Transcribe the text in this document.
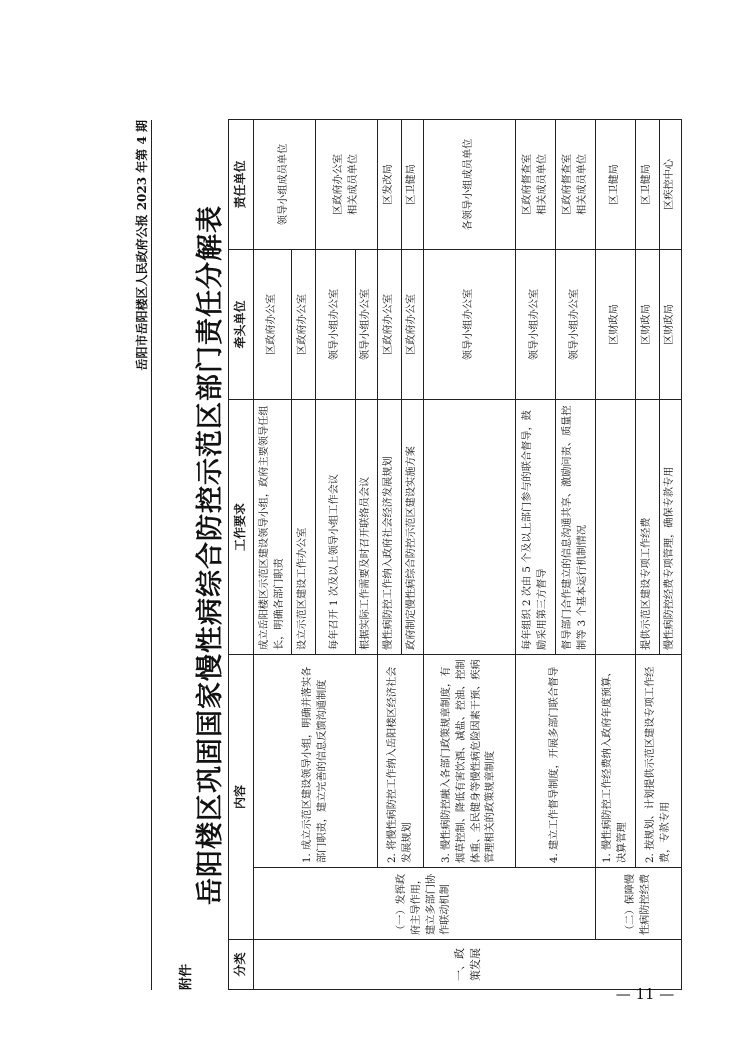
岳阳市岳阳楼区人民政府公报 2023 年第 4 期
附件
岳阳楼区巩固国家慢性病综合防控示范区部门责任分解表
分类	内容		工作要求	牵头单位	责任单位
一、政策发展	（一）发挥政府主导作用，建立多部门协作联动机制	1. 成立示范区建设领导小组，明确并落实各部门职责，建立完善的信息反馈沟通制度	成立岳阳楼区示范区建设领导小组，政府主要领导任组长，明确各部门职责	区政府办公室	领导小组成员单位
			设立示范区建设工作办公室	区政府办公室	
			每年召开 1 次及以上领导小组工作会议	领导小组办公室	区政府办公室
相关成员单位
			根据实际工作需要及时召开联络员会议	领导小组办公室	
		2. 将慢性病防控工作纳入岳阳楼区经济社会发展规划	慢性病防控工作纳入政府社会经济发展规划	区政府办公室	区发改局
			政府制定慢性病综合防控示范区建设实施方案	区政府办公室	区卫健局
		3. 慢性病防控融入各部门政策规章制度，有烟草控制、降低有害饮酒、减盐、控油、控制体重、全民健身等慢性病危险因素干预、疾病管理相关的政策规章制度		领导小组办公室	各领导小组成员单位
		4. 建立工作督导制度，开展多部门联合督导	每年组织 2 次由 5 个及以上部门参与的联合督导，鼓励采用第三方督导	领导小组办公室	区政府督查室
相关成员单位
			督导部门合作建立的信息沟通共享、激励问责、质量控制等 3 个基本运行机制情况	领导小组办公室	区政府督查室
相关成员单位
	（二）保障慢性病防控经费	1. 慢性病防控工作经费纳入政府年度预算、决算管理		区财政局	区卫健局
		2. 按规划、计划提供示范区建设专项工作经费，专款专用	提供示范区建设专项工作经费	区财政局	区卫健局
			慢性病防控经费专项管理，确保专款专用	区财政局	区疾控中心
— 11 —
